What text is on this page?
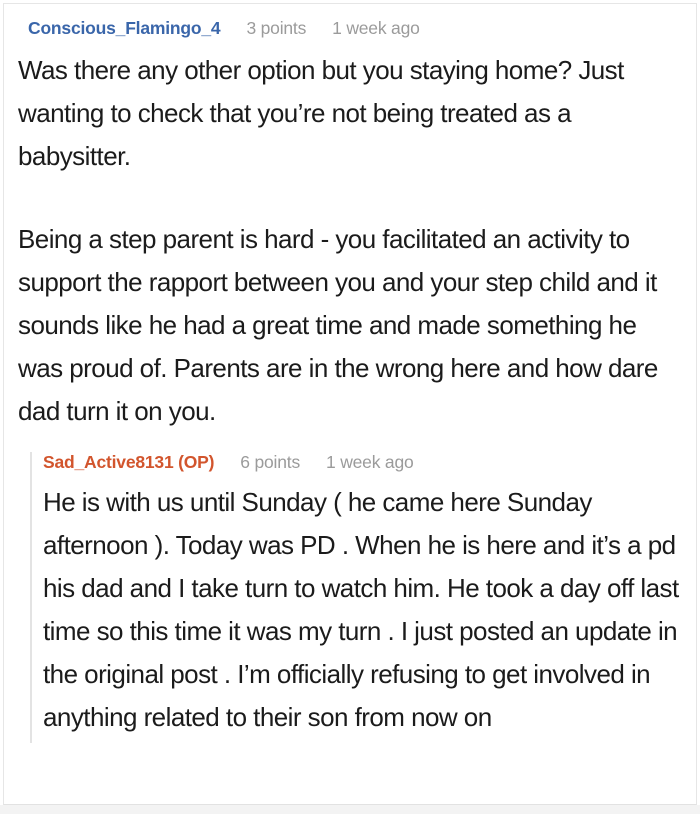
Conscious_Flamingo_4 3 points 1 week ago

Was there any other option but you staying home? Just wanting to check that you’re not being treated as a babysitter.

Being a step parent is hard - you facilitated an activity to support the rapport between you and your step child and it sounds like he had a great time and made something he was proud of. Parents are in the wrong here and how dare dad turn it on you.

Sad_Active8131 (OP) 6 points 1 week ago

He is with us until Sunday ( he came here Sunday afternoon ). Today was PD . When he is here and it’s a pd his dad and I take turn to watch him. He took a day off last time so this time it was my turn . I just posted an update in the original post . I’m officially refusing to get involved in anything related to their son from now on
